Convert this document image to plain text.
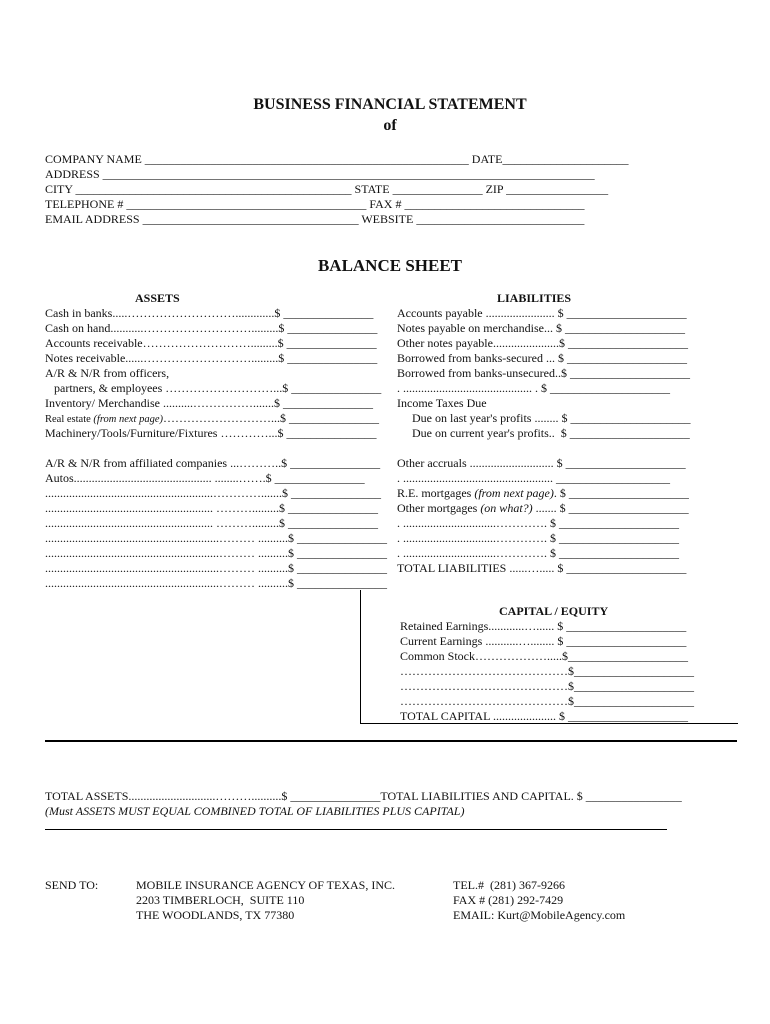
BUSINESS FINANCIAL STATEMENT
of
COMPANY NAME ______________________________________________________ DATE_____________________
ADDRESS __________________________________________________________________________________
CITY ______________________________________________ STATE _______________ ZIP _________________
TELEPHONE # ________________________________________ FAX # ______________________________
EMAIL ADDRESS ____________________________________ WEBSITE ____________________________
BALANCE SHEET
ASSETS	LIABILITIES
Cash in banks.....……………………….............$ _______________
Cash on hand...........……………………….........$ _______________
Accounts receivable……………………….........$ _______________
Notes receivable......……………………….........$ _______________
A/R & N/R from officers,
partners, & employees ………………………...$ _______________
Inventory/ Merchandise ..........…………….......$ _______________
Real estate (from next page)………………………...$ _______________
Machinery/Tools/Furniture/Fixtures …………...$ _______________
A/R & N/R from affiliated companies ...………..$ _______________
Autos.............................................. ........…….$ _______________
........................................................………….......$ _______________
........................................................ ……….........$ _______________
........................................................ ……….........$ _______________
..........................................................……… ..........$ _______________
..........................................................……… ..........$ _______________
..........................................................……… ..........$ _______________
..........................................................……… ..........$ _______________
Accounts payable ....................... $ ____________________
Notes payable on merchandise... $ ____________________
Other notes payable......................$ ____________________
Borrowed from banks-secured ... $ ____________________
Borrowed from banks-unsecured..$ ____________________
. ........................................... . $ ____________________
Income Taxes Due
Due on last year's profits ........ $ ____________________
Due on current year's profits..  $ ____________________
Other accruals ............................ $ ____________________
. .................................................. ___________________
R.E. mortgages (from next page). $ ____________________
Other mortgages (on what?) ....... $ ____________________
. ...............................…………. $ ____________________
. ...............................…………. $ ____________________
. ...............................…………. $ ____________________
TOTAL LIABILITIES ......…..... $ ____________________
CAPITAL / EQUITY
Retained Earnings............…...... $ ____________________
Current Earnings ...........…........ $ ____________________
Common Stock……………….....$____________________
……………………………………$____________________
……………………………………$____________________
……………………………………$____________________
TOTAL CAPITAL ..................... $ ____________________
TOTAL ASSETS.............................………..........$ _______________TOTAL LIABILITIES AND CAPITAL. $ ________________
(Must ASSETS MUST EQUAL COMBINED TOTAL OF LIABILITIES PLUS CAPITAL)
SEND TO:	MOBILE INSURANCE AGENCY OF TEXAS, INC.
2203 TIMBERLOCH,  SUITE 110
THE WOODLANDS, TX 77380
TEL.#  (281) 367-9266
FAX # (281) 292-7429
EMAIL: Kurt@MobileAgency.com
